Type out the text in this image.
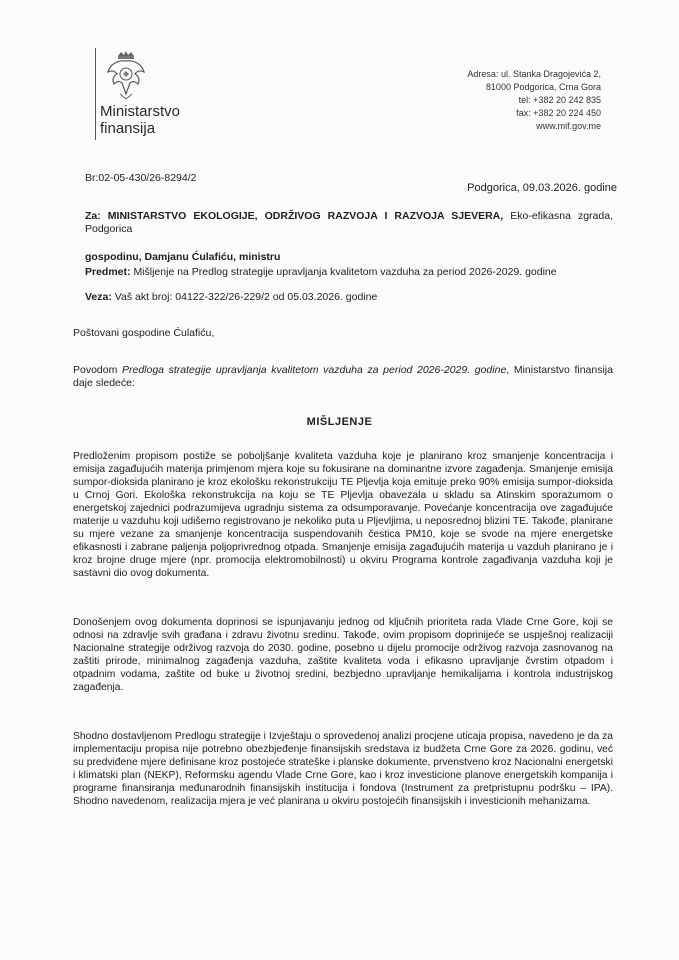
Ministarstvo
finansija
Adresa: ul. Stanka Dragojevića 2,
81000 Podgorica, Crna Gora
tel: +382 20 242 835
fax: +382 20 224 450
www.mif.gov.me
Br:02-05-430/26-8294/2
Podgorica, 09.03.2026. godine
Za: MINISTARSTVO EKOLOGIJE, ODRŽIVOG RAZVOJA I RAZVOJA SJEVERA, Eko-efikasna zgrada, Podgorica
gospodinu, Damjanu Ćulafiću, ministru
Predmet: Mišljenje na Predlog strategije upravljanja kvalitetom vazduha za period 2026-2029. godine
Veza: Vaš akt broj: 04122-322/26-229/2 od 05.03.2026. godine
Poštovani gospodine Ćulafiću,
Povodom Predloga strategije upravljanja kvalitetom vazduha za period 2026-2029. godine, Ministarstvo finansija daje sledeće:
MIŠLJENJE
Predloženim propisom postiže se poboljšanje kvaliteta vazduha koje je planirano kroz smanjenje koncentracija i emisija zagađujućih materija primjenom mjera koje su fokusirane na dominantne izvore zagađenja. Smanjenje emisija sumpor-dioksida planirano je kroz ekološku rekonstrukciju TE Pljevlja koja emituje preko 90% emisija sumpor-dioksida u Crnoj Gori. Ekološka rekonstrukcija na koju se TE Pljevlja obavezala u skladu sa Atinskim sporazumom o energetskoj zajednici podrazumijeva ugradnju sistema za odsumporavanje. Povećanje koncentracija ove zagađujuće materije u vazduhu koji udišemo registrovano je nekoliko puta u Pljevljima, u neposrednoj blizini TE. Takođe, planirane su mjere vezane za smanjenje koncentracija suspendovanih čestica PM10, koje se svode na mjere energetske efikasnosti i zabrane paljenja poljoprivrednog otpada. Smanjenje emisija zagađujućih materija u vazduh planirano je i kroz brojne druge mjere (npr. promocija elektromobilnosti) u okviru Programa kontrole zagađivanja vazduha koji je sastavni dio ovog dokumenta.
Donošenjem ovog dokumenta doprinosi se ispunjavanju jednog od ključnih prioriteta rada Vlade Crne Gore, koji se odnosi na zdravlje svih građana i zdravu životnu sredinu. Takođe, ovim propisom doprinijeće se uspješnoj realizaciji Nacionalne strategije održivog razvoja do 2030. godine, posebno u dijelu promocije održivog razvoja zasnovanog na zaštiti prirode, minimalnog zagađenja vazduha, zaštite kvaliteta voda i efikasno upravljanje čvrstim otpadom i otpadnim vodama, zaštite od buke u životnoj sredini, bezbjedno upravljanje hemikalijama i kontrola industrijskog zagađenja.
Shodno dostavljenom Predlogu strategije i Izvještaju o sprovedenoj analizi procjene uticaja propisa, navedeno je da za implementaciju propisa nije potrebno obezbjeđenje finansijskih sredstava iz budžeta Crne Gore za 2026. godinu, već su predviđene mjere definisane kroz postojeće strateške i planske dokumente, prvenstveno kroz Nacionalni energetski i klimatski plan (NEKP), Reformsku agendu Vlade Crne Gore, kao i kroz investicione planove energetskih kompanija i programe finansiranja međunarodnih finansijskih institucija i fondova (Instrument za pretpristupnu podršku – IPA). Shodno navedenom, realizacija mjera je već planirana u okviru postojećih finansijskih i investicionih mehanizama.
